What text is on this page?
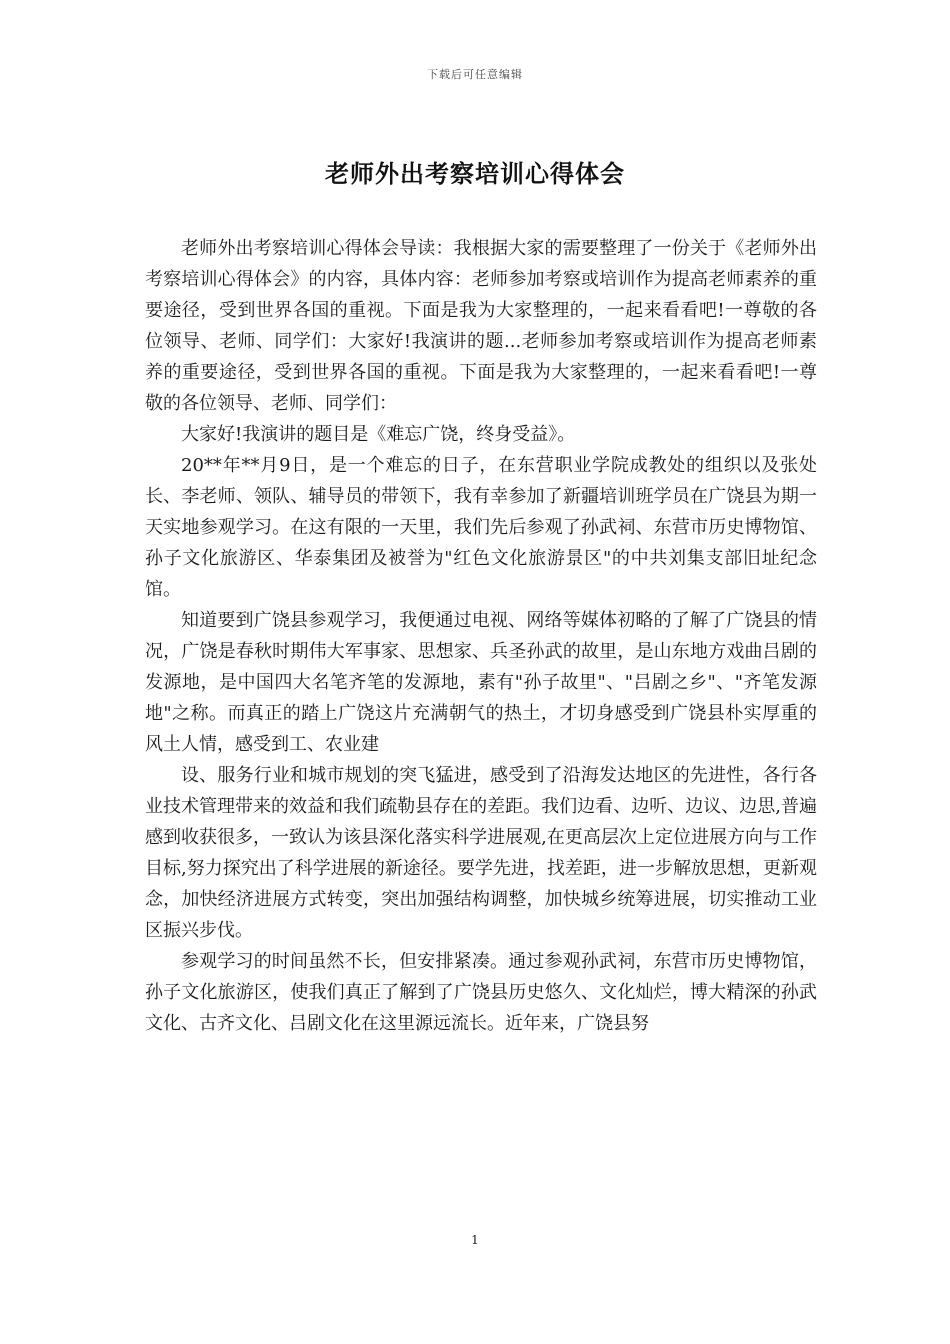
下载后可任意编辑
老师外出考察培训心得体会

老师外出考察培训心得体会导读：我根据大家的需要整理了一份关于《老师外出考察培训心得体会》的内容，具体内容：老师参加考察或培训作为提高老师素养的重要途径，受到世界各国的重视。下面是我为大家整理的，一起来看看吧!一尊敬的各位领导、老师、同学们：大家好!我演讲的题...老师参加考察或培训作为提高老师素养的重要途径，受到世界各国的重视。下面是我为大家整理的，一起来看看吧!一尊敬的各位领导、老师、同学们：

大家好!我演讲的题目是《难忘广饶，终身受益》。

20**年**月9日，是一个难忘的日子，在东营职业学院成教处的组织以及张处长、李老师、领队、辅导员的带领下，我有幸参加了新疆培训班学员在广饶县为期一天实地参观学习。在这有限的一天里，我们先后参观了孙武祠、东营市历史博物馆、孙子文化旅游区、华泰集团及被誉为"红色文化旅游景区"的中共刘集支部旧址纪念馆。

知道要到广饶县参观学习，我便通过电视、网络等媒体初略的了解了广饶县的情况，广饶是春秋时期伟大军事家、思想家、兵圣孙武的故里，是山东地方戏曲吕剧的发源地，是中国四大名笔齐笔的发源地，素有"孙子故里"、"吕剧之乡"、"齐笔发源地"之称。而真正的踏上广饶这片充满朝气的热土，才切身感受到广饶县朴实厚重的风土人情，感受到工、农业建

设、服务行业和城市规划的突飞猛进，感受到了沿海发达地区的先进性，各行各业技术管理带来的效益和我们疏勒县存在的差距。我们边看、边听、边议、边思,普遍感到收获很多，一致认为该县深化落实科学进展观,在更高层次上定位进展方向与工作目标,努力探究出了科学进展的新途径。要学先进，找差距，进一步解放思想，更新观念，加快经济进展方式转变，突出加强结构调整，加快城乡统筹进展，切实推动工业区振兴步伐。

参观学习的时间虽然不长，但安排紧凑。通过参观孙武祠，东营市历史博物馆，孙子文化旅游区，使我们真正了解到了广饶县历史悠久、文化灿烂，博大精深的孙武文化、古齐文化、吕剧文化在这里源远流长。近年来，广饶县努

1
